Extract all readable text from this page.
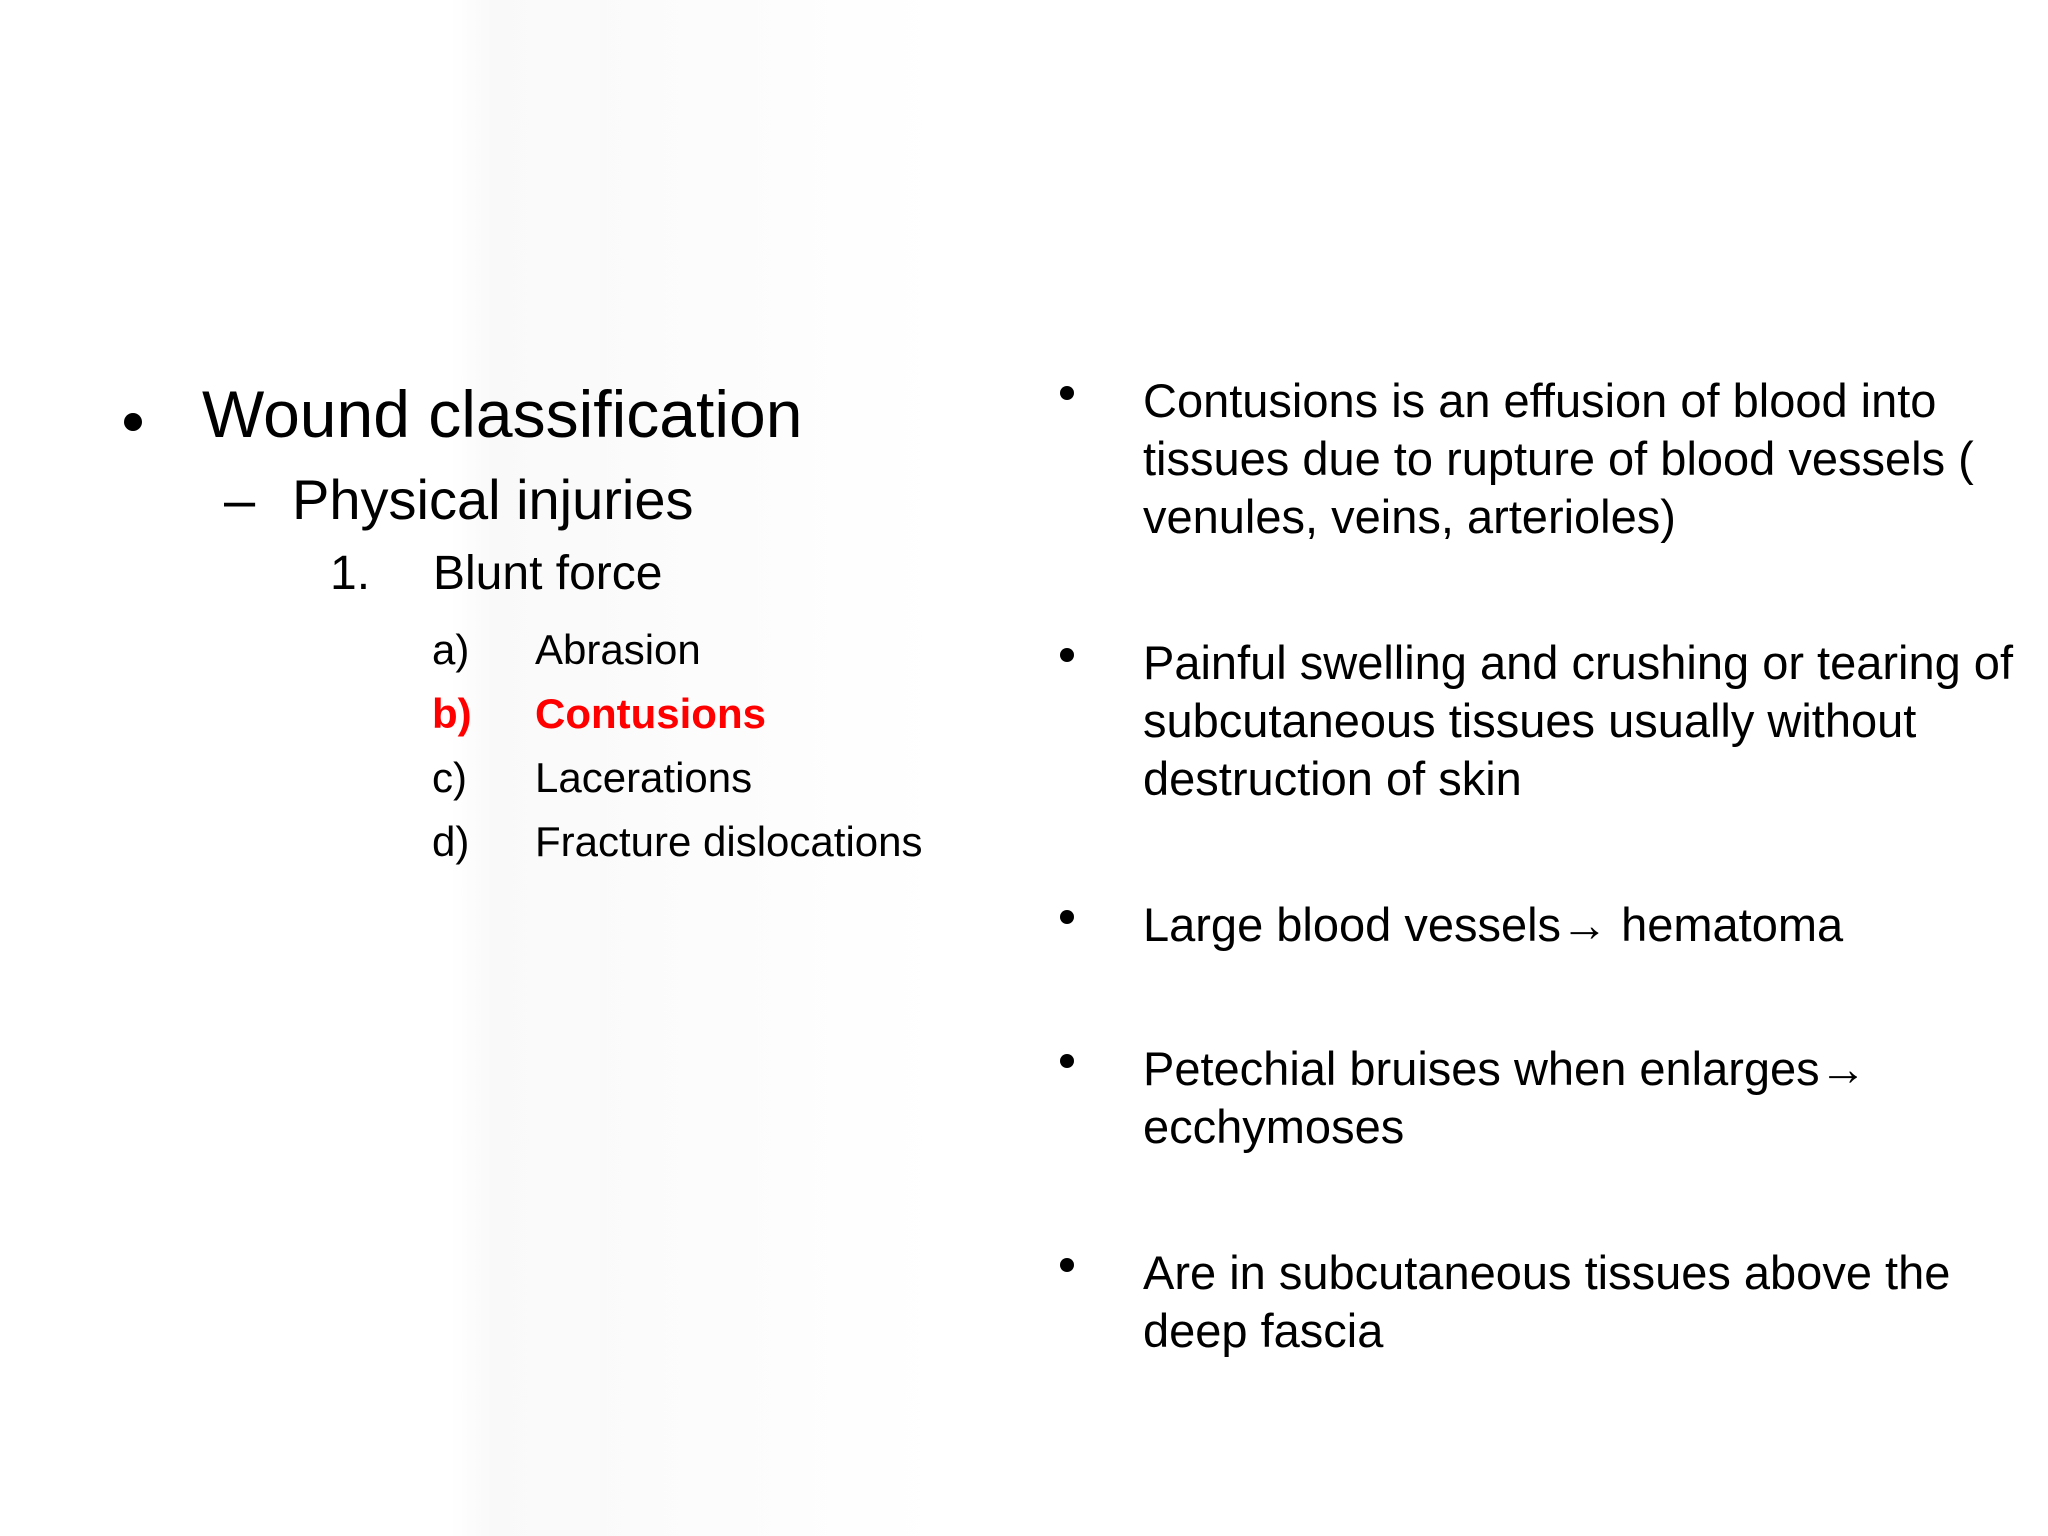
Wound classification
– Physical injuries
1. Blunt force
a) Abrasion
b) Contusions
c) Lacerations
d) Fracture dislocations
Contusions is an effusion of blood into tissues due to rupture of blood vessels ( venules, veins, arterioles)
Painful swelling and crushing or tearing of subcutaneous tissues usually without destruction of skin
Large blood vessels→ hematoma
Petechial bruises when enlarges→ ecchymoses
Are in subcutaneous tissues above the deep fascia
